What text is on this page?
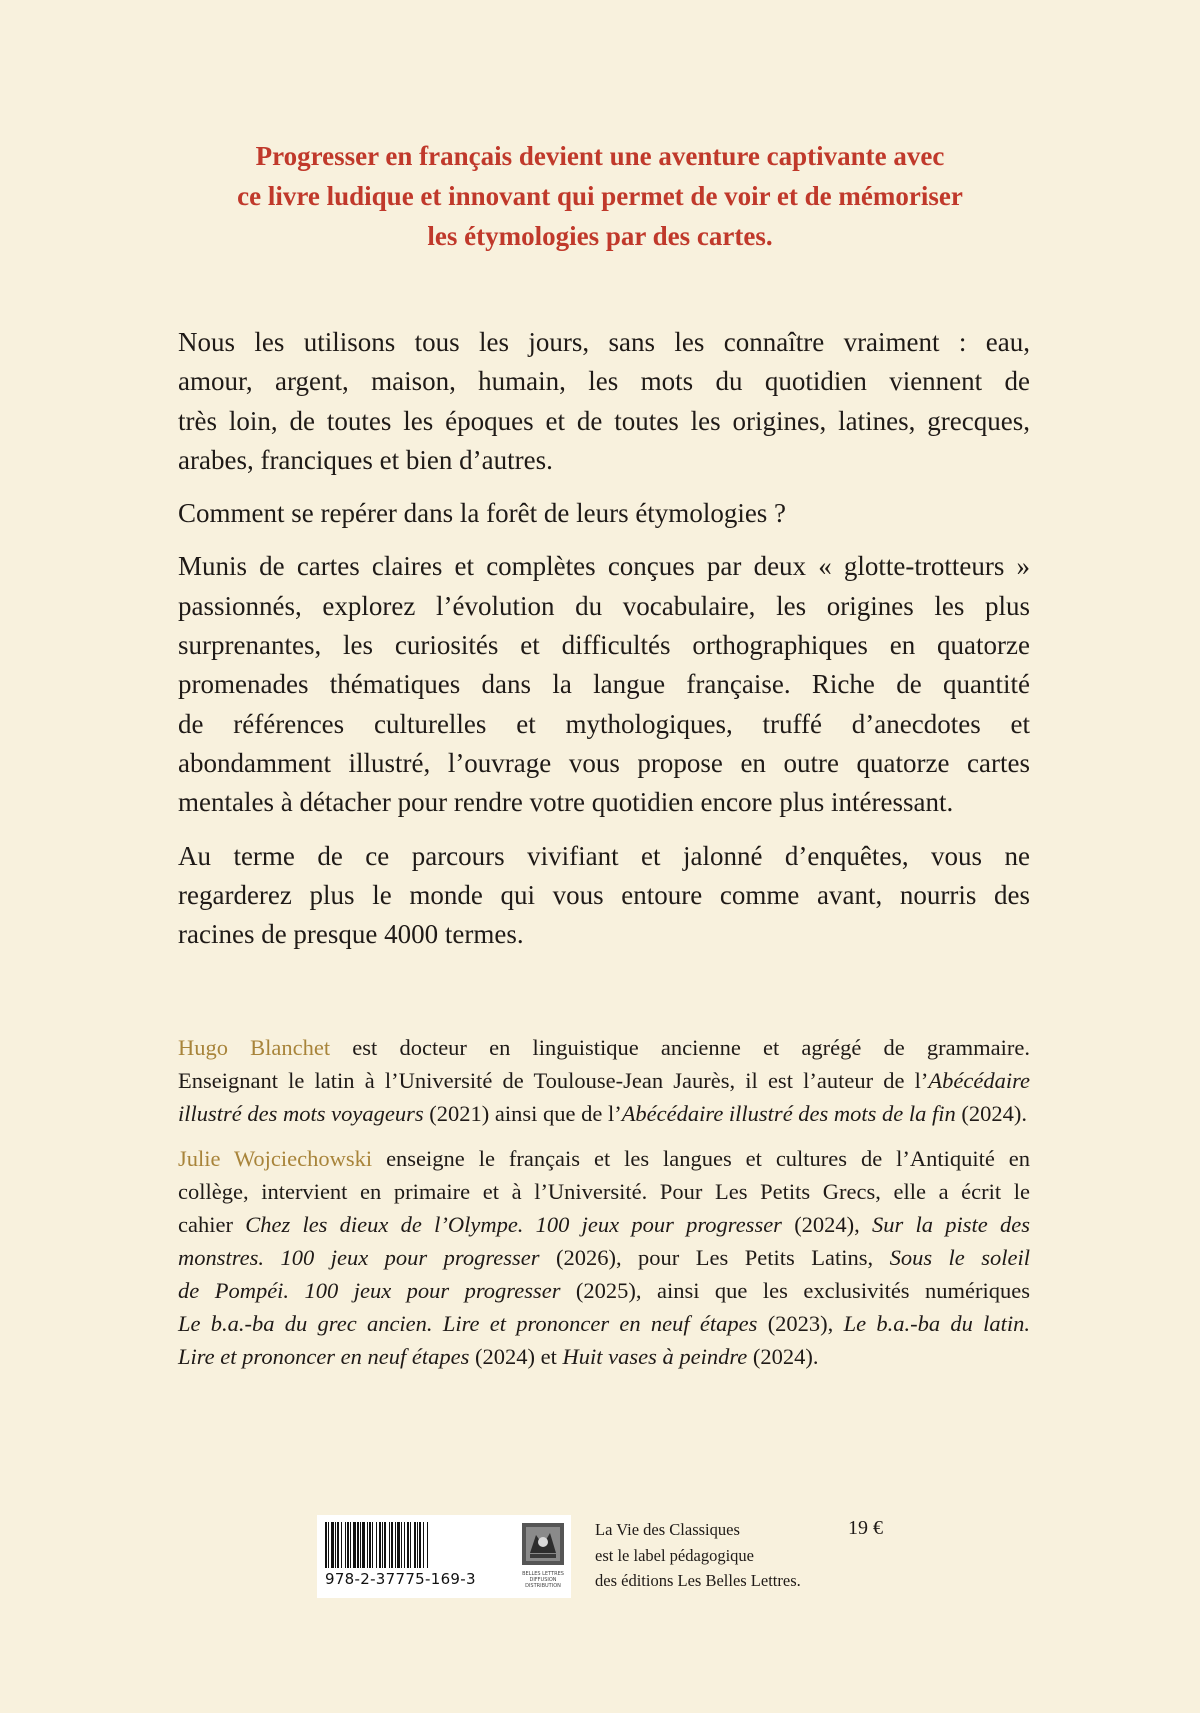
Progresser en français devient une aventure captivante avec
ce livre ludique et innovant qui permet de voir et de mémoriser
les étymologies par des cartes.

Nous les utilisons tous les jours, sans les connaître vraiment : eau,
amour, argent, maison, humain, les mots du quotidien viennent de
très loin, de toutes les époques et de toutes les origines, latines, grecques,
arabes, franciques et bien d’autres.

Comment se repérer dans la forêt de leurs étymologies ?

Munis de cartes claires et complètes conçues par deux « glotte-trotteurs »
passionnés, explorez l’évolution du vocabulaire, les origines les plus
surprenantes, les curiosités et difficultés orthographiques en quatorze
promenades thématiques dans la langue française. Riche de quantité
de références culturelles et mythologiques, truffé d’anecdotes et
abondamment illustré, l’ouvrage vous propose en outre quatorze cartes
mentales à détacher pour rendre votre quotidien encore plus intéressant.

Au terme de ce parcours vivifiant et jalonné d’enquêtes, vous ne
regarderez plus le monde qui vous entoure comme avant, nourris des
racines de presque 4000 termes.

Hugo Blanchet est docteur en linguistique ancienne et agrégé de grammaire.
Enseignant le latin à l’Université de Toulouse-Jean Jaurès, il est l’auteur de l’Abécédaire
illustré des mots voyageurs (2021) ainsi que de l’Abécédaire illustré des mots de la fin (2024).

Julie Wojciechowski enseigne le français et les langues et cultures de l’Antiquité en
collège, intervient en primaire et à l’Université. Pour Les Petits Grecs, elle a écrit le
cahier Chez les dieux de l’Olympe. 100 jeux pour progresser (2024), Sur la piste des
monstres. 100 jeux pour progresser (2026), pour Les Petits Latins, Sous le soleil
de Pompéi. 100 jeux pour progresser (2025), ainsi que les exclusivités numériques
Le b.a.-ba du grec ancien. Lire et prononcer en neuf étapes (2023), Le b.a.-ba du latin.
Lire et prononcer en neuf étapes (2024) et Huit vases à peindre (2024).

978-2-37775-169-3	BELLES LETTRES
DIFFUSION
DISTRIBUTION
La Vie des Classiques
est le label pédagogique
des éditions Les Belles Lettres.
19 €
